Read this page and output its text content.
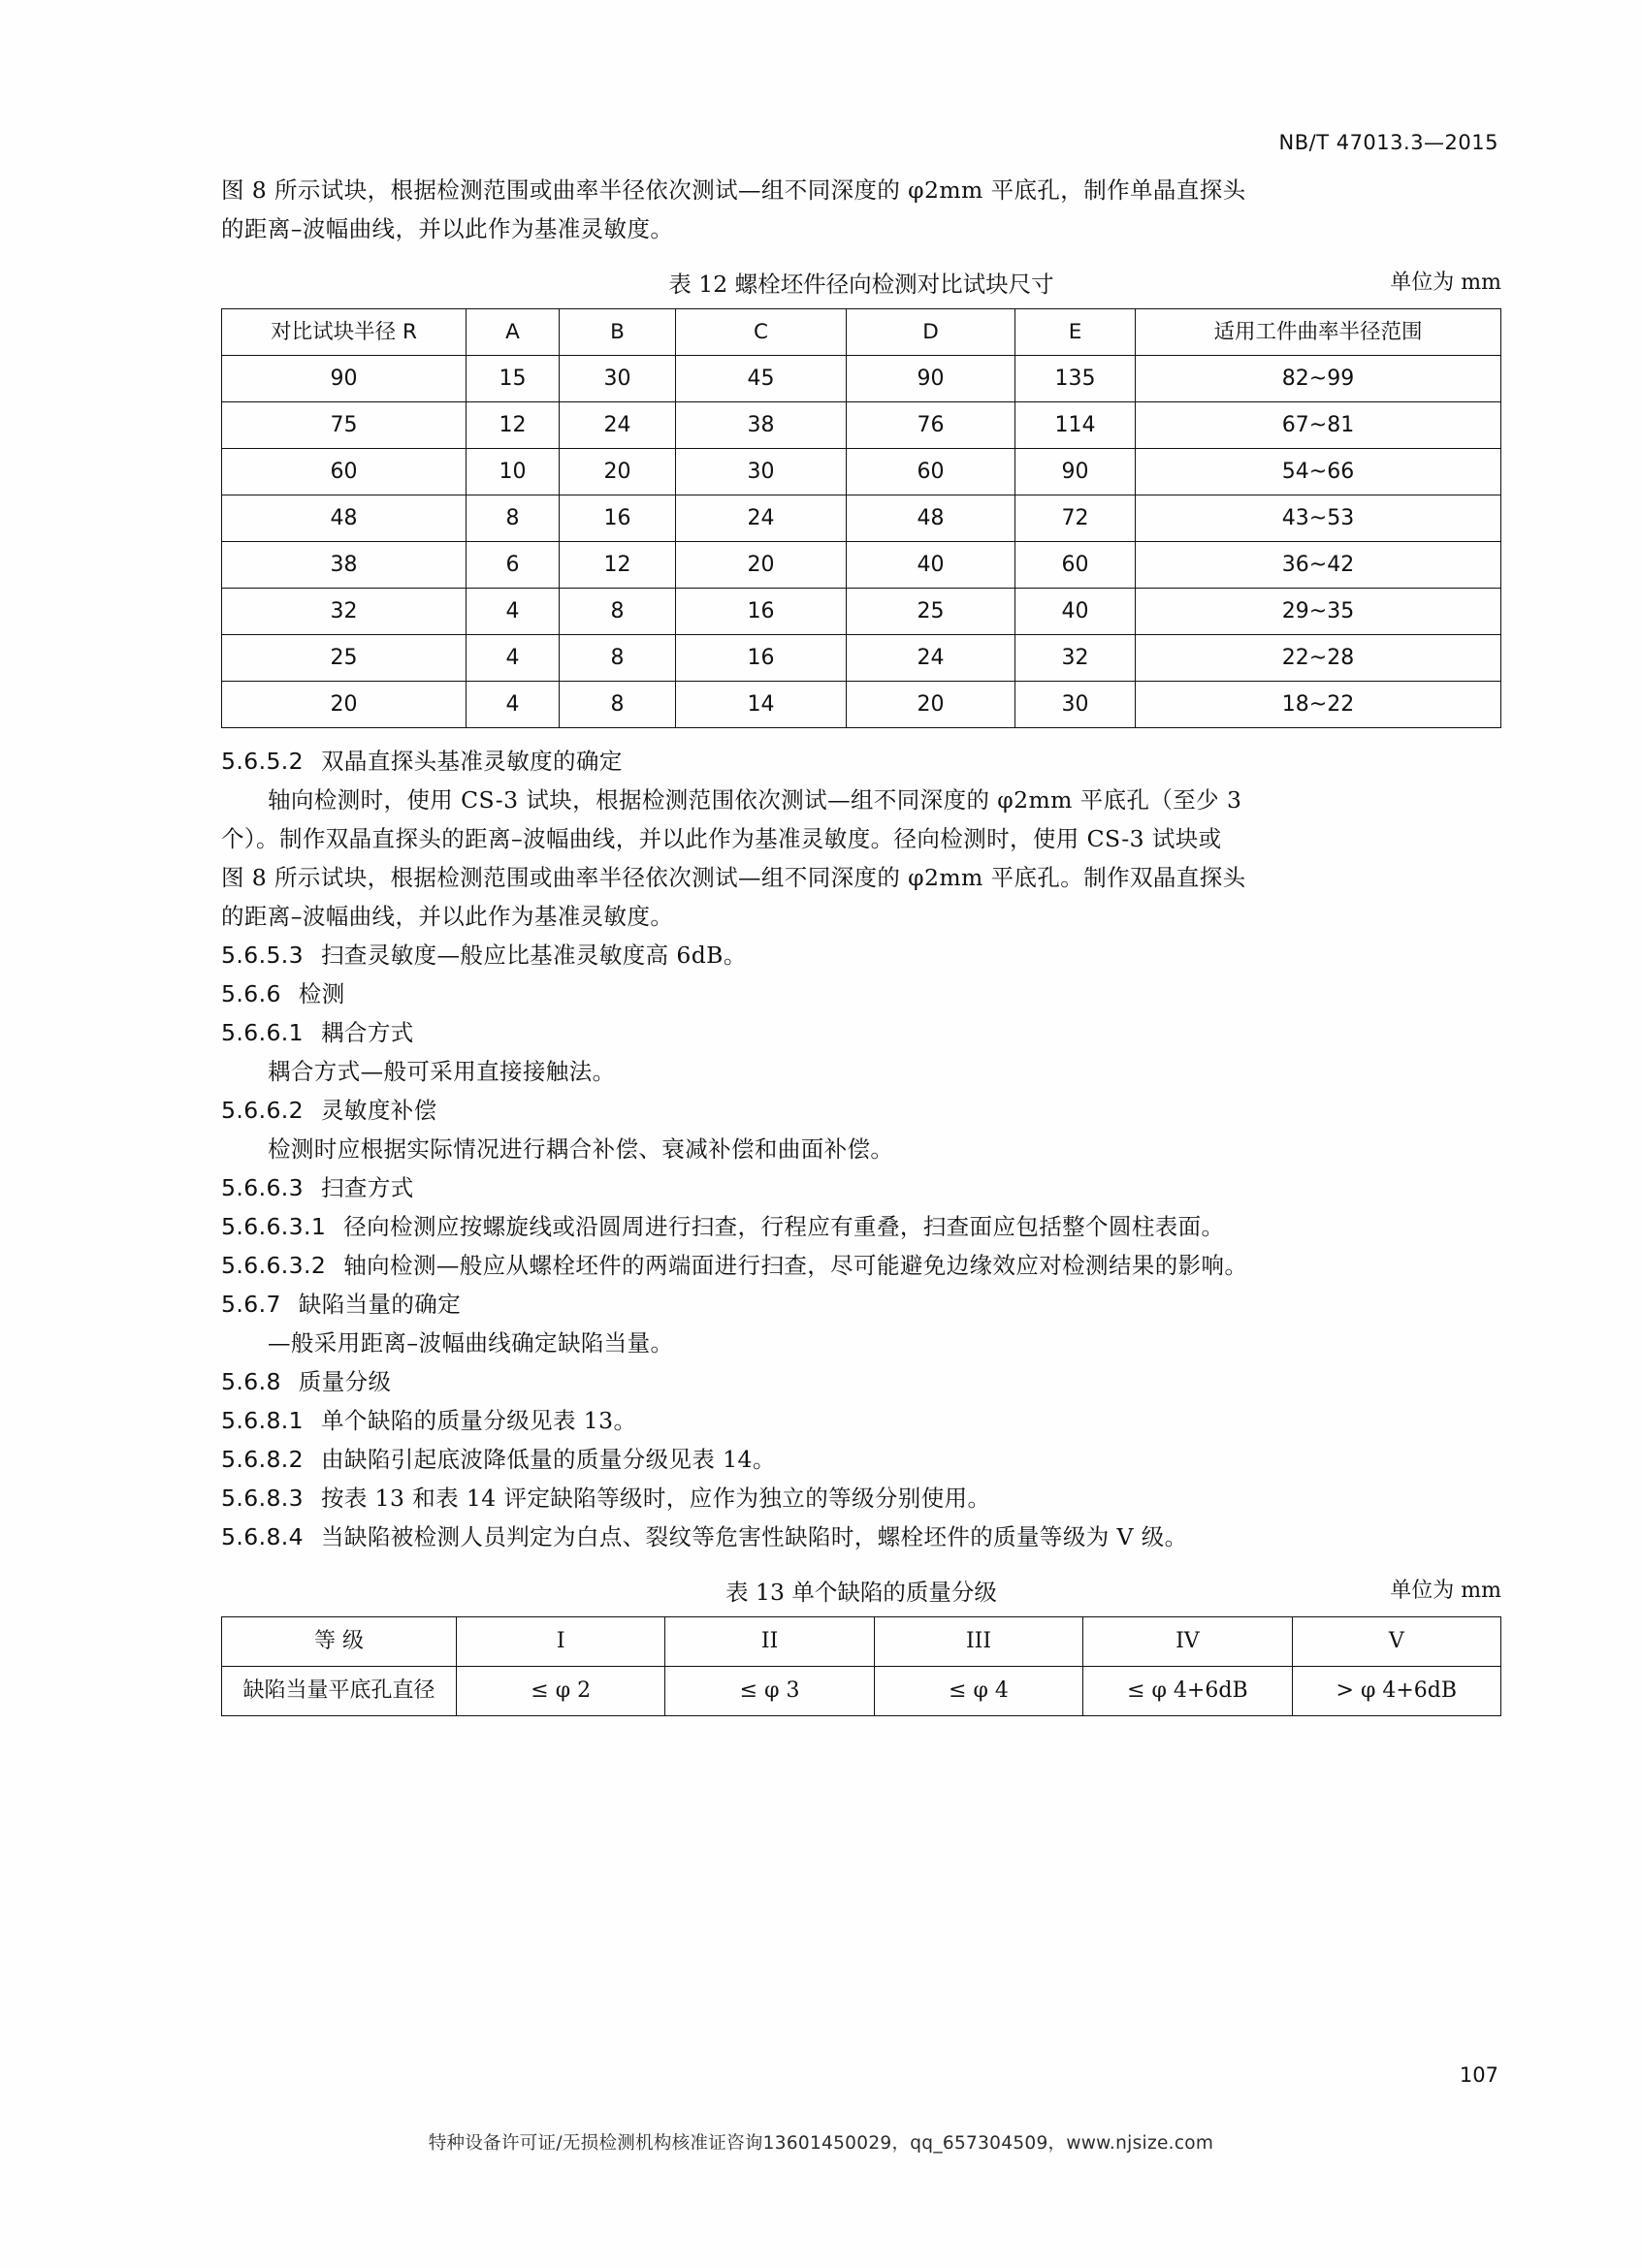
NB/T 47013.3—2015
图 8 所示试块，根据检测范围或曲率半径依次测试—组不同深度的 φ2mm 平底孔，制作单晶直探头
的距离–波幅曲线，并以此作为基准灵敏度。
表 12 螺栓坯件径向检测对比试块尺寸	单位为 mm
对比试块半径 R	A	B	C	D	E	适用工件曲率半径范围
90	15	30	45	90	135	82~99
75	12	24	38	76	114	67~81
60	10	20	30	60	90	54~66
48	8	16	24	48	72	43~53
38	6	12	20	40	60	36~42
32	4	8	16	25	40	29~35
25	4	8	16	24	32	22~28
20	4	8	14	20	30	18~22
5.6.5.2 双晶直探头基准灵敏度的确定
轴向检测时，使用 CS-3 试块，根据检测范围依次测试—组不同深度的 φ2mm 平底孔（至少 3
个）。制作双晶直探头的距离–波幅曲线，并以此作为基准灵敏度。径向检测时，使用 CS-3 试块或
图 8 所示试块，根据检测范围或曲率半径依次测试—组不同深度的 φ2mm 平底孔。制作双晶直探头
的距离–波幅曲线，并以此作为基准灵敏度。
5.6.5.3 扫查灵敏度—般应比基准灵敏度高 6dB。
5.6.6 检测
5.6.6.1 耦合方式
耦合方式—般可采用直接接触法。
5.6.6.2 灵敏度补偿
检测时应根据实际情况进行耦合补偿、衰减补偿和曲面补偿。
5.6.6.3 扫查方式
5.6.6.3.1 径向检测应按螺旋线或沿圆周进行扫查，行程应有重叠，扫查面应包括整个圆柱表面。
5.6.6.3.2 轴向检测—般应从螺栓坯件的两端面进行扫查，尽可能避免边缘效应对检测结果的影响。
5.6.7 缺陷当量的确定
—般采用距离–波幅曲线确定缺陷当量。
5.6.8 质量分级
5.6.8.1 单个缺陷的质量分级见表 13。
5.6.8.2 由缺陷引起底波降低量的质量分级见表 14。
5.6.8.3 按表 13 和表 14 评定缺陷等级时，应作为独立的等级分别使用。
5.6.8.4 当缺陷被检测人员判定为白点、裂纹等危害性缺陷时，螺栓坯件的质量等级为 V 级。
表 13 单个缺陷的质量分级	单位为 mm
等 级	I	II	III	IV	V
缺陷当量平底孔直径	≤ φ 2	≤ φ 3	≤ φ 4	≤ φ 4+6dB	> φ 4+6dB
107
特种设备许可证/无损检测机构核准证咨询13601450029，qq_657304509，www.njsize.com
